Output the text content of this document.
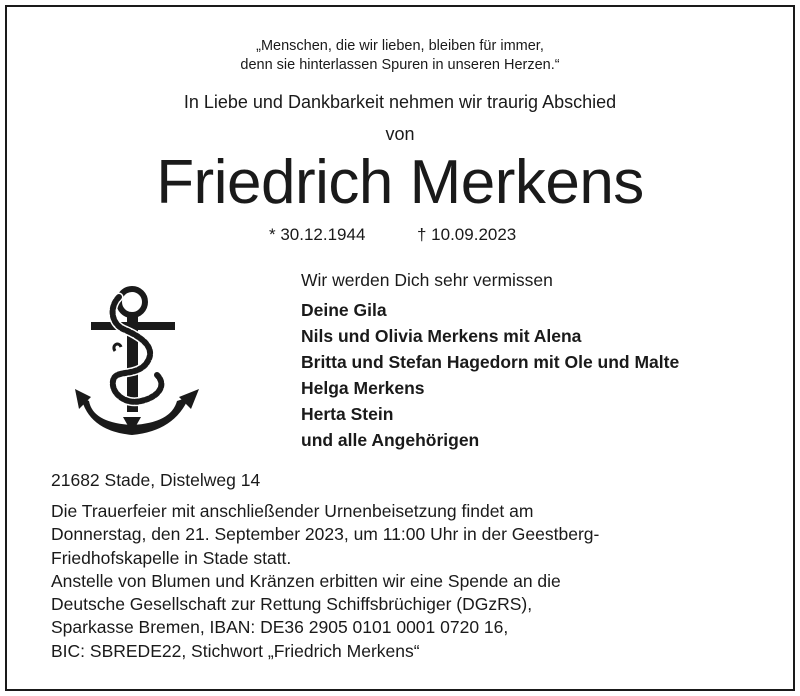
„Menschen, die wir lieben, bleiben für immer,
denn sie hinterlassen Spuren in unseren Herzen.“
In Liebe und Dankbarkeit nehmen wir traurig Abschied
von
Friedrich Merkens
* 30.12.1944	† 10.09.2023
Wir werden Dich sehr vermissen
Deine Gila
Nils und Olivia Merkens mit Alena
Britta und Stefan Hagedorn mit Ole und Malte
Helga Merkens
Herta Stein
und alle Angehörigen
21682 Stade, Distelweg 14
Die Trauerfeier mit anschließender Urnenbeisetzung findet am
Donnerstag, den 21. September 2023, um 11:00 Uhr in der Geestberg-
Friedhofskapelle in Stade statt.
Anstelle von Blumen und Kränzen erbitten wir eine Spende an die
Deutsche Gesellschaft zur Rettung Schiffsbrüchiger (DGzRS),
Sparkasse Bremen, IBAN: DE36 2905 0101 0001 0720 16,
BIC: SBREDE22, Stichwort „Friedrich Merkens“
